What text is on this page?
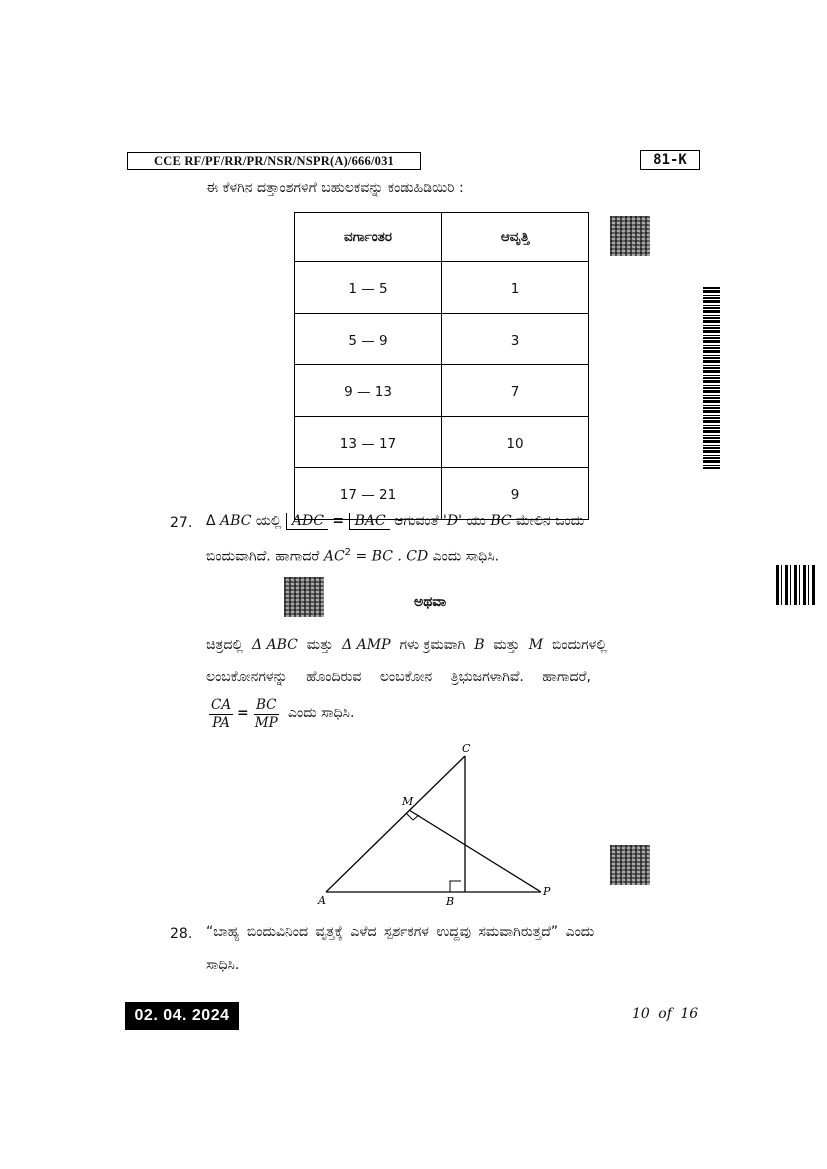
CCE RF/PF/RR/PR/NSR/NSPR(A)/666/031	81-K
ಈ ಕೆಳಗಿನ ದತ್ತಾಂಶಗಳಿಗೆ ಬಹುಲಕವನ್ನು ಕಂಡುಹಿಡಿಯಿರಿ :
ವರ್ಗಾಂತರ	ಆವೃತ್ತಿ
1 — 5	1
5 — 9	3
9 — 13	7
13 — 17	10
17 — 21	9
27. Δ ABC ಯಲ್ಲಿ ADC = BAC ಆಗುವಂತೆ 'D' ಯು BC ಮೇಲಿನ ಒಂದು
ಬಿಂದುವಾಗಿದೆ. ಹಾಗಾದರೆ $AC^2$ = BC . CD ಎಂದು ಸಾಧಿಸಿ.
ಅಥವಾ
ಚಿತ್ರದಲ್ಲಿ Δ ABC ಮತ್ತು Δ AMP ಗಳು ಕ್ರಮವಾಗಿ B ಮತ್ತು M ಬಿಂದುಗಳಲ್ಲಿ
ಲಂಬಕೋನಗಳನ್ನು ಹೊಂದಿರುವ ಲಂಬಕೋನ ತ್ರಿಭುಜಗಳಾಗಿವೆ. ಹಾಗಾದರೆ,
$\frac{CA}{PA} = \frac{BC}{MP}$ ಎಂದು ಸಾಧಿಸಿ.
C
M
A	B
P
28. “ಬಾಹ್ಯ ಬಿಂದುವಿನಿಂದ ವೃತ್ತಕ್ಕೆ ಎಳೆದ ಸ್ಪರ್ಶಕಗಳ ಉದ್ದವು ಸಮವಾಗಿರುತ್ತದೆ” ಎಂದು
ಸಾಧಿಸಿ.
02. 04. 2024	10 of 16
